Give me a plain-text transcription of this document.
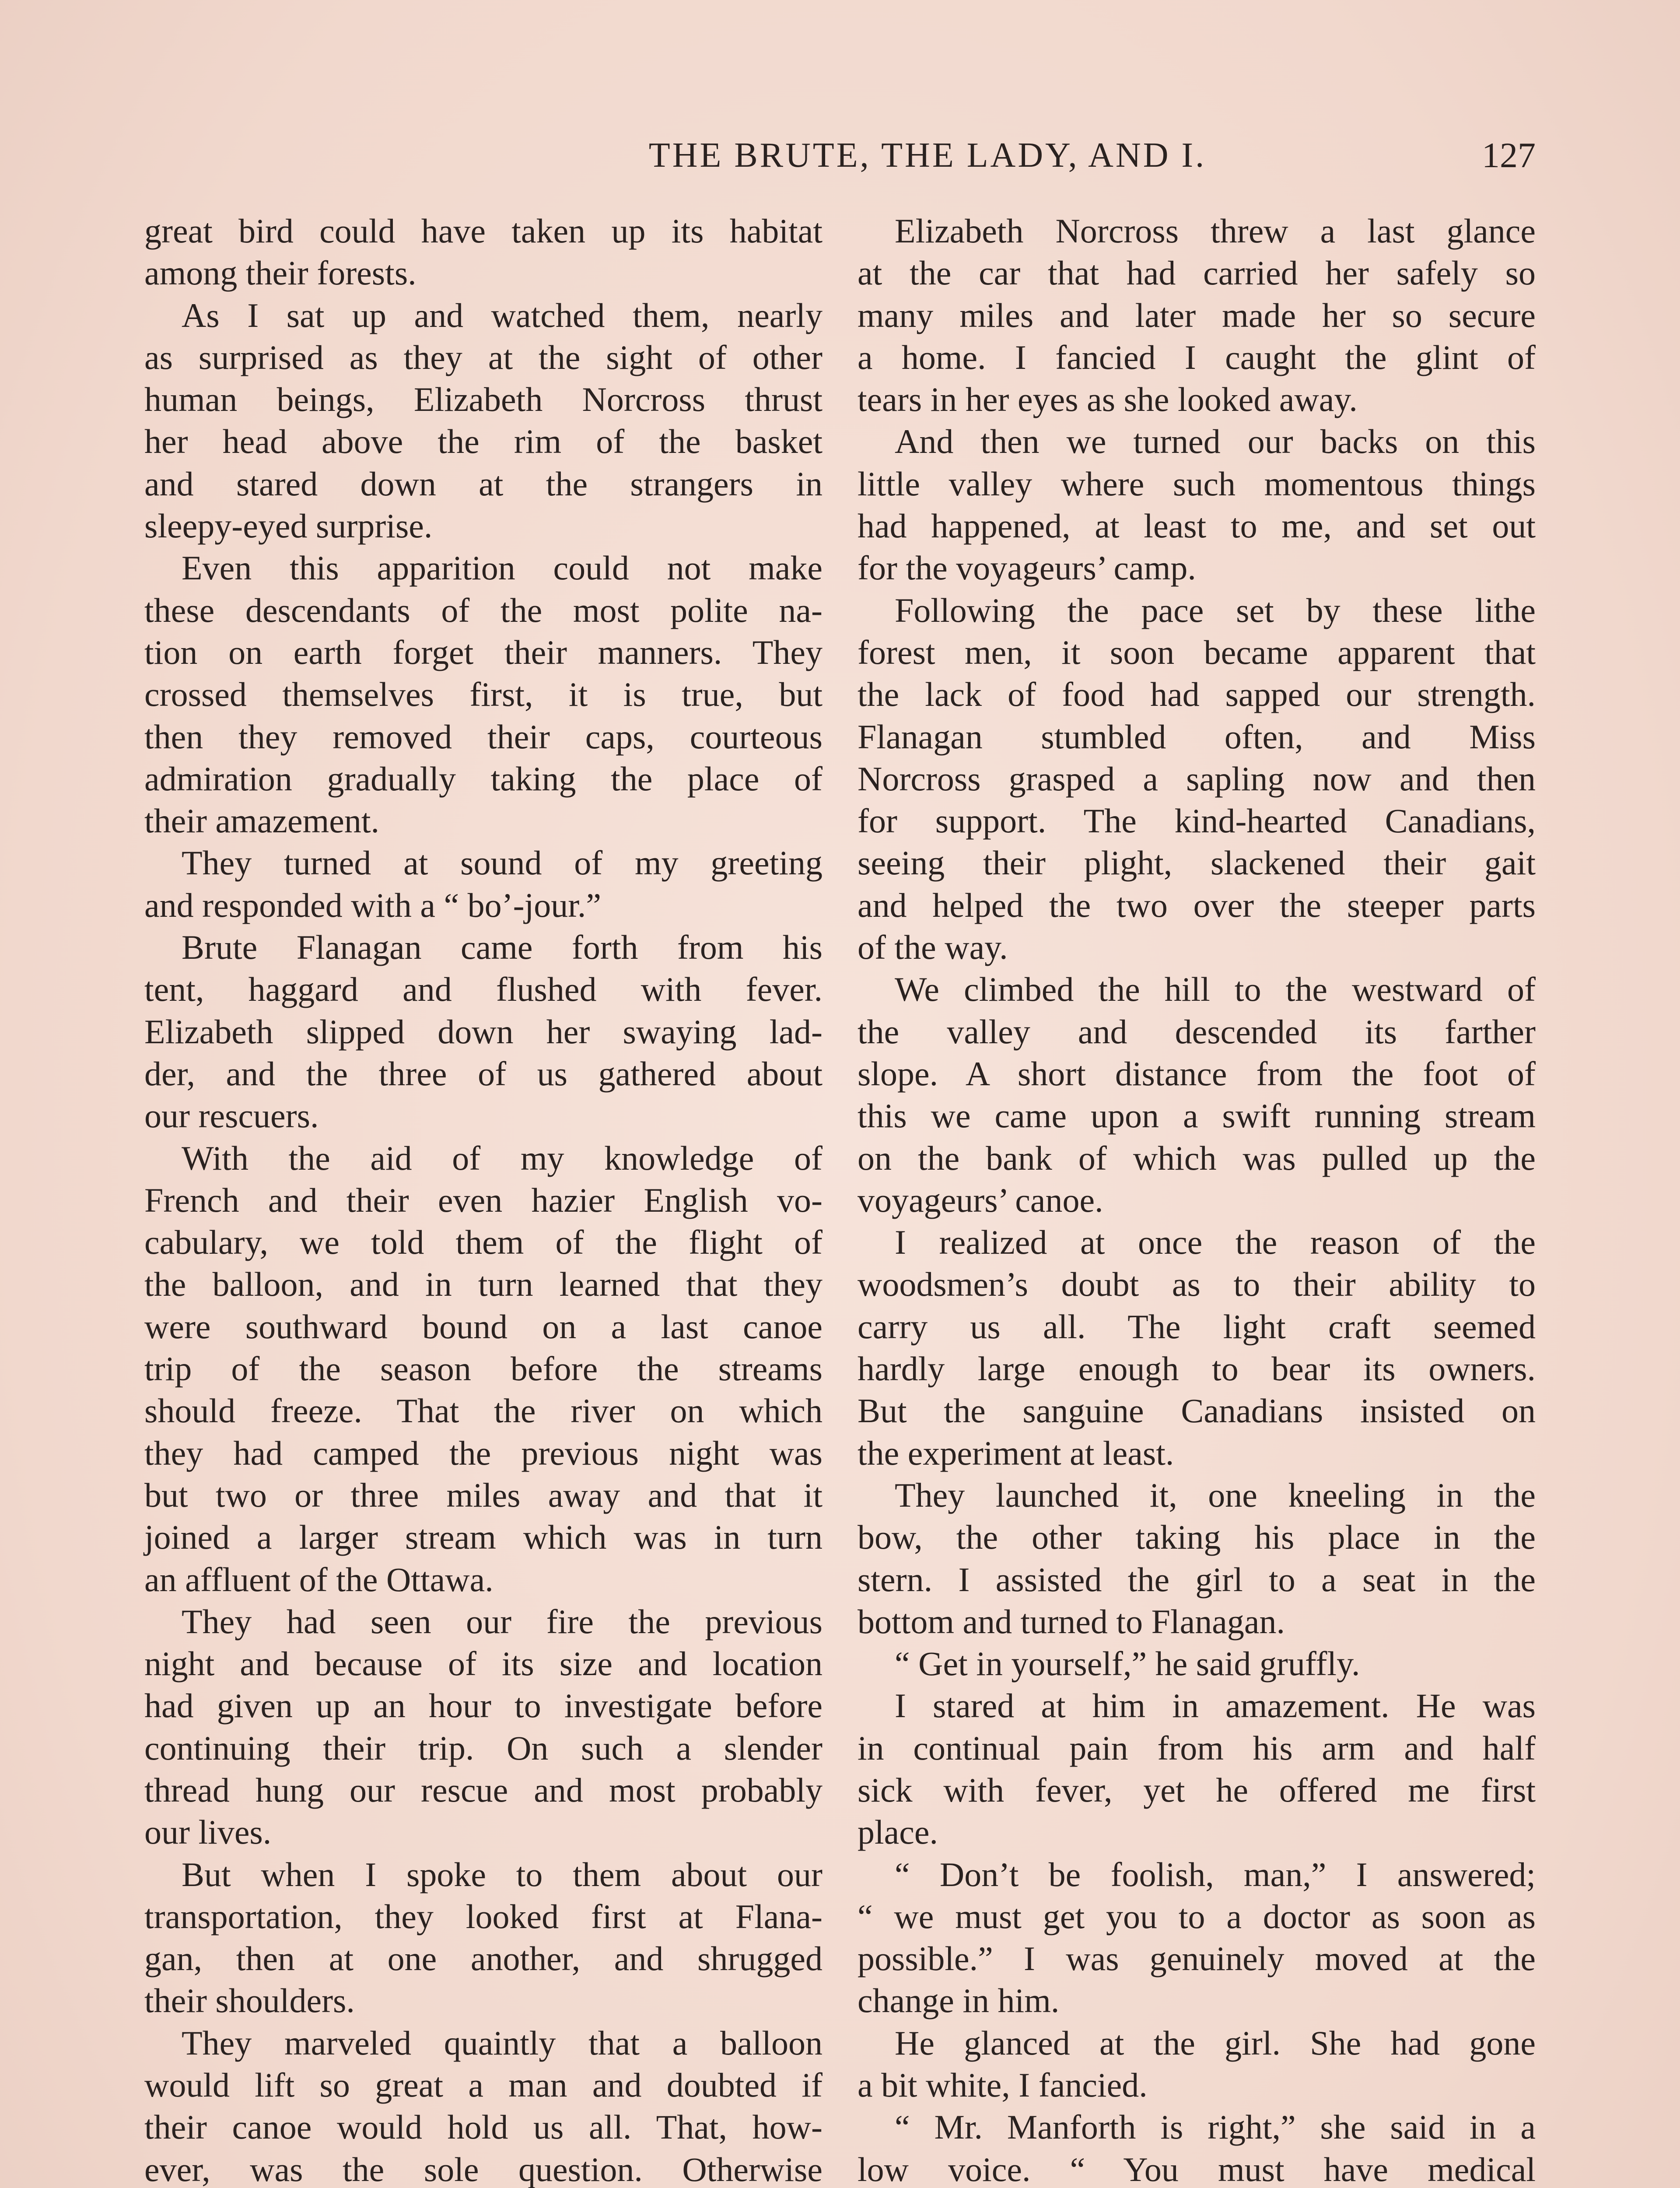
THE BRUTE, THE LADY, AND I.	127

great bird could have taken up its habitat

among their forests.

As I sat up and watched them, nearly

as surprised as they at the sight of other

human beings, Elizabeth Norcross thrust

her head above the rim of the basket

and stared down at the strangers in

sleepy-eyed surprise.

Even this apparition could not make

these descendants of the most polite na-

tion on earth forget their manners. They

crossed themselves first, it is true, but

then they removed their caps, courteous

admiration gradually taking the place of

their amazement.

They turned at sound of my greeting

and responded with a “ bo’-jour.”

Brute Flanagan came forth from his

tent, haggard and flushed with fever.

Elizabeth slipped down her swaying lad-

der, and the three of us gathered about

our rescuers.

With the aid of my knowledge of

French and their even hazier English vo-

cabulary, we told them of the flight of

the balloon, and in turn learned that they

were southward bound on a last canoe

trip of the season before the streams

should freeze. That the river on which

they had camped the previous night was

but two or three miles away and that it

joined a larger stream which was in turn

an affluent of the Ottawa.

They had seen our fire the previous

night and because of its size and location

had given up an hour to investigate before

continuing their trip. On such a slender

thread hung our rescue and most probably

our lives.

But when I spoke to them about our

transportation, they looked first at Flana-

gan, then at one another, and shrugged

their shoulders.

They marveled quaintly that a balloon

would lift so great a man and doubted if

their canoe would hold us all. That, how-

ever, was the sole question. Otherwise

Elizabeth Norcross threw a last glance

at the car that had carried her safely so

many miles and later made her so secure

a home. I fancied I caught the glint of

tears in her eyes as she looked away.

And then we turned our backs on this

little valley where such momentous things

had happened, at least to me, and set out

for the voyageurs’ camp.

Following the pace set by these lithe

forest men, it soon became apparent that

the lack of food had sapped our strength.

Flanagan stumbled often, and Miss

Norcross grasped a sapling now and then

for support. The kind-hearted Canadians,

seeing their plight, slackened their gait

and helped the two over the steeper parts

of the way.

We climbed the hill to the westward of

the valley and descended its farther

slope. A short distance from the foot of

this we came upon a swift running stream

on the bank of which was pulled up the

voyageurs’ canoe.

I realized at once the reason of the

woodsmen’s doubt as to their ability to

carry us all. The light craft seemed

hardly large enough to bear its owners.

But the sanguine Canadians insisted on

the experiment at least.

They launched it, one kneeling in the

bow, the other taking his place in the

stern. I assisted the girl to a seat in the

bottom and turned to Flanagan.

“ Get in yourself,” he said gruffly.

I stared at him in amazement. He was

in continual pain from his arm and half

sick with fever, yet he offered me first

place.

“ Don’t be foolish, man,” I answered;

“ we must get you to a doctor as soon as

possible.” I was genuinely moved at the

change in him.

He glanced at the girl. She had gone

a bit white, I fancied.

“ Mr. Manforth is right,” she said in a

low voice. “ You must have medical
